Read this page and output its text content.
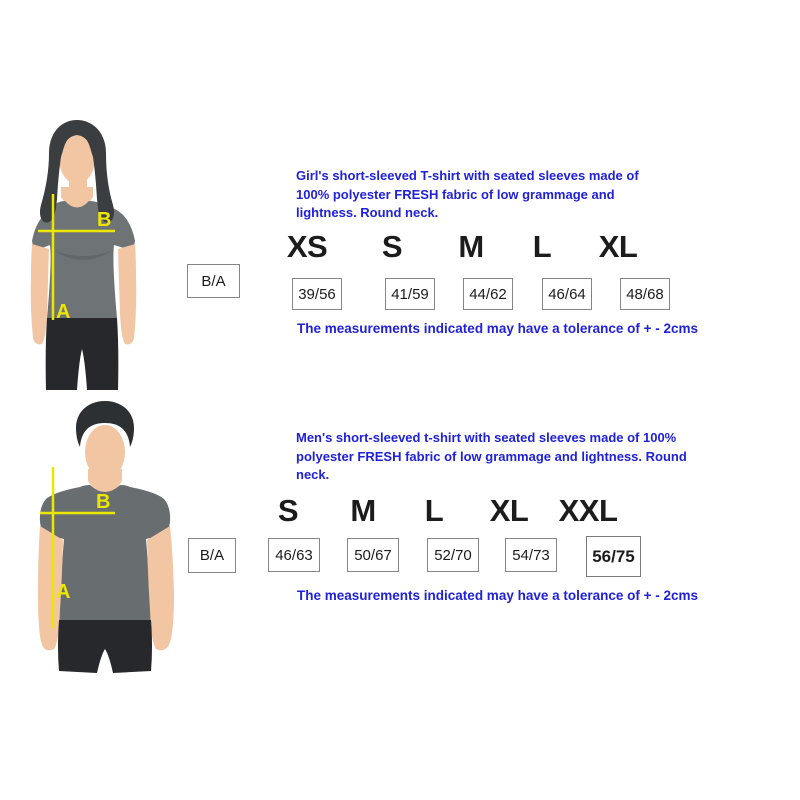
B
A
Girl's short-sleeved T-shirt with seated sleeves made of
100% polyester FRESH fabric of low grammage and
lightness. Round neck.
XS S M L XL
B/A
39/56	41/59	44/62	46/64	48/68
The measurements indicated may have a tolerance of + - 2cms
B
A
Men's short-sleeved t-shirt with seated sleeves made of 100%
polyester FRESH fabric of low grammage and lightness. Round
neck.
S M L XL XXL
B/A	46/63	50/67	52/70	54/73	56/75
The measurements indicated may have a tolerance of + - 2cms
